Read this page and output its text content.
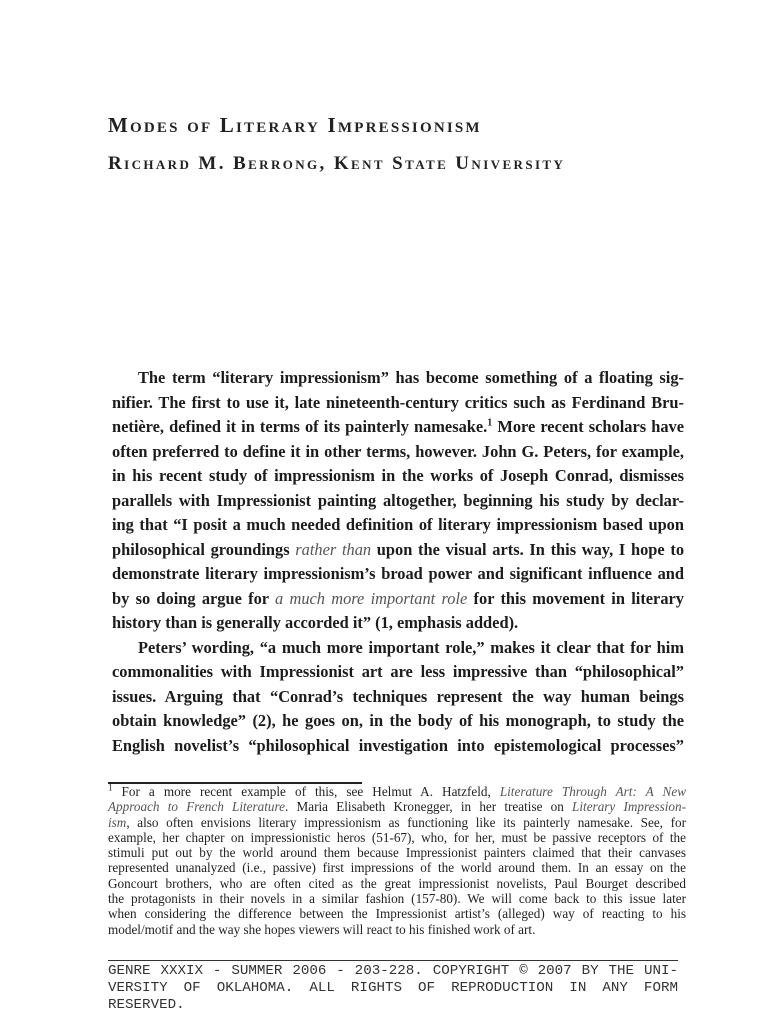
Modes of Literary Impressionism
Richard M. Berrong, Kent State University
The term “literary impressionism” has become something of a floating sig-
nifier. The first to use it, late nineteenth-century critics such as Ferdinand Bru-
netière, defined it in terms of its painterly namesake.$^1$ More recent scholars have
often preferred to define it in other terms, however. John G. Peters, for example,
in his recent study of impressionism in the works of Joseph Conrad, dismisses
parallels with Impressionist painting altogether, beginning his study by declar-
ing that “I posit a much needed definition of literary impressionism based upon
philosophical groundings rather than upon the visual arts. In this way, I hope to
demonstrate literary impressionism’s broad power and significant influence and
by so doing argue for a much more important role for this movement in literary
history than is generally accorded it” (1, emphasis added).
Peters’ wording, “a much more important role,” makes it clear that for him
commonalities with Impressionist art are less impressive than “philosophical”
issues. Arguing that “Conrad’s techniques represent the way human beings
obtain knowledge” (2), he goes on, in the body of his monograph, to study the
English novelist’s “philosophical investigation into epistemological processes”
$^1$ For a more recent example of this, see Helmut A. Hatzfeld, Literature Through Art: A New
Approach to French Literature. Maria Elisabeth Kronegger, in her treatise on Literary Impression-
ism, also often envisions literary impressionism as functioning like its painterly namesake. See, for
example, her chapter on impressionistic heros (51-67), who, for her, must be passive receptors of the
stimuli put out by the world around them because Impressionist painters claimed that their canvases
represented unanalyzed (i.e., passive) first impressions of the world around them. In an essay on the
Goncourt brothers, who are often cited as the great impressionist novelists, Paul Bourget described
the protagonists in their novels in a similar fashion (157-80). We will come back to this issue later
when considering the difference between the Impressionist artist’s (alleged) way of reacting to his
model/motif and the way she hopes viewers will react to his finished work of art.
GENRE XXXIX - SUMMER 2006 - 203-228. COPYRIGHT © 2007 BY THE UNI-
VERSITY OF OKLAHOMA. ALL RIGHTS OF REPRODUCTION IN ANY FORM
RESERVED.
